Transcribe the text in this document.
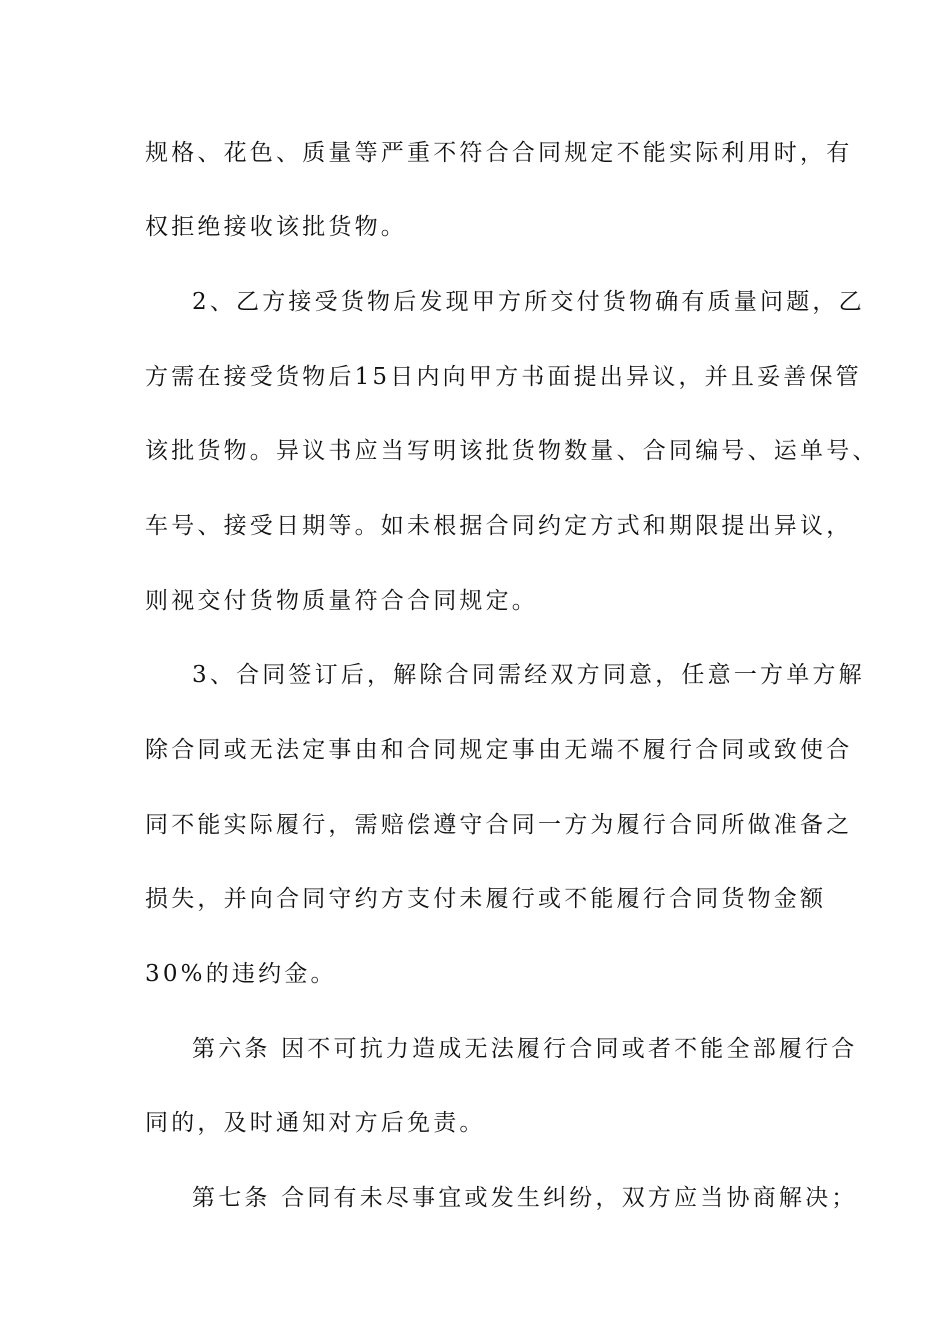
规格、花色、质量等严重不符合合同规定不能实际利用时，有
权拒绝接收该批货物。
2、乙方接受货物后发现甲方所交付货物确有质量问题，乙
方需在接受货物后15日内向甲方书面提出异议，并且妥善保管
该批货物。异议书应当写明该批货物数量、合同编号、运单号、
车号、接受日期等。如未根据合同约定方式和期限提出异议，
则视交付货物质量符合合同规定。
3、合同签订后，解除合同需经双方同意，任意一方单方解
除合同或无法定事由和合同规定事由无端不履行合同或致使合
同不能实际履行，需赔偿遵守合同一方为履行合同所做准备之
损失，并向合同守约方支付未履行或不能履行合同货物金额
30%的违约金。
第六条 因不可抗力造成无法履行合同或者不能全部履行合
同的，及时通知对方后免责。
第七条 合同有未尽事宜或发生纠纷，双方应当协商解决；
